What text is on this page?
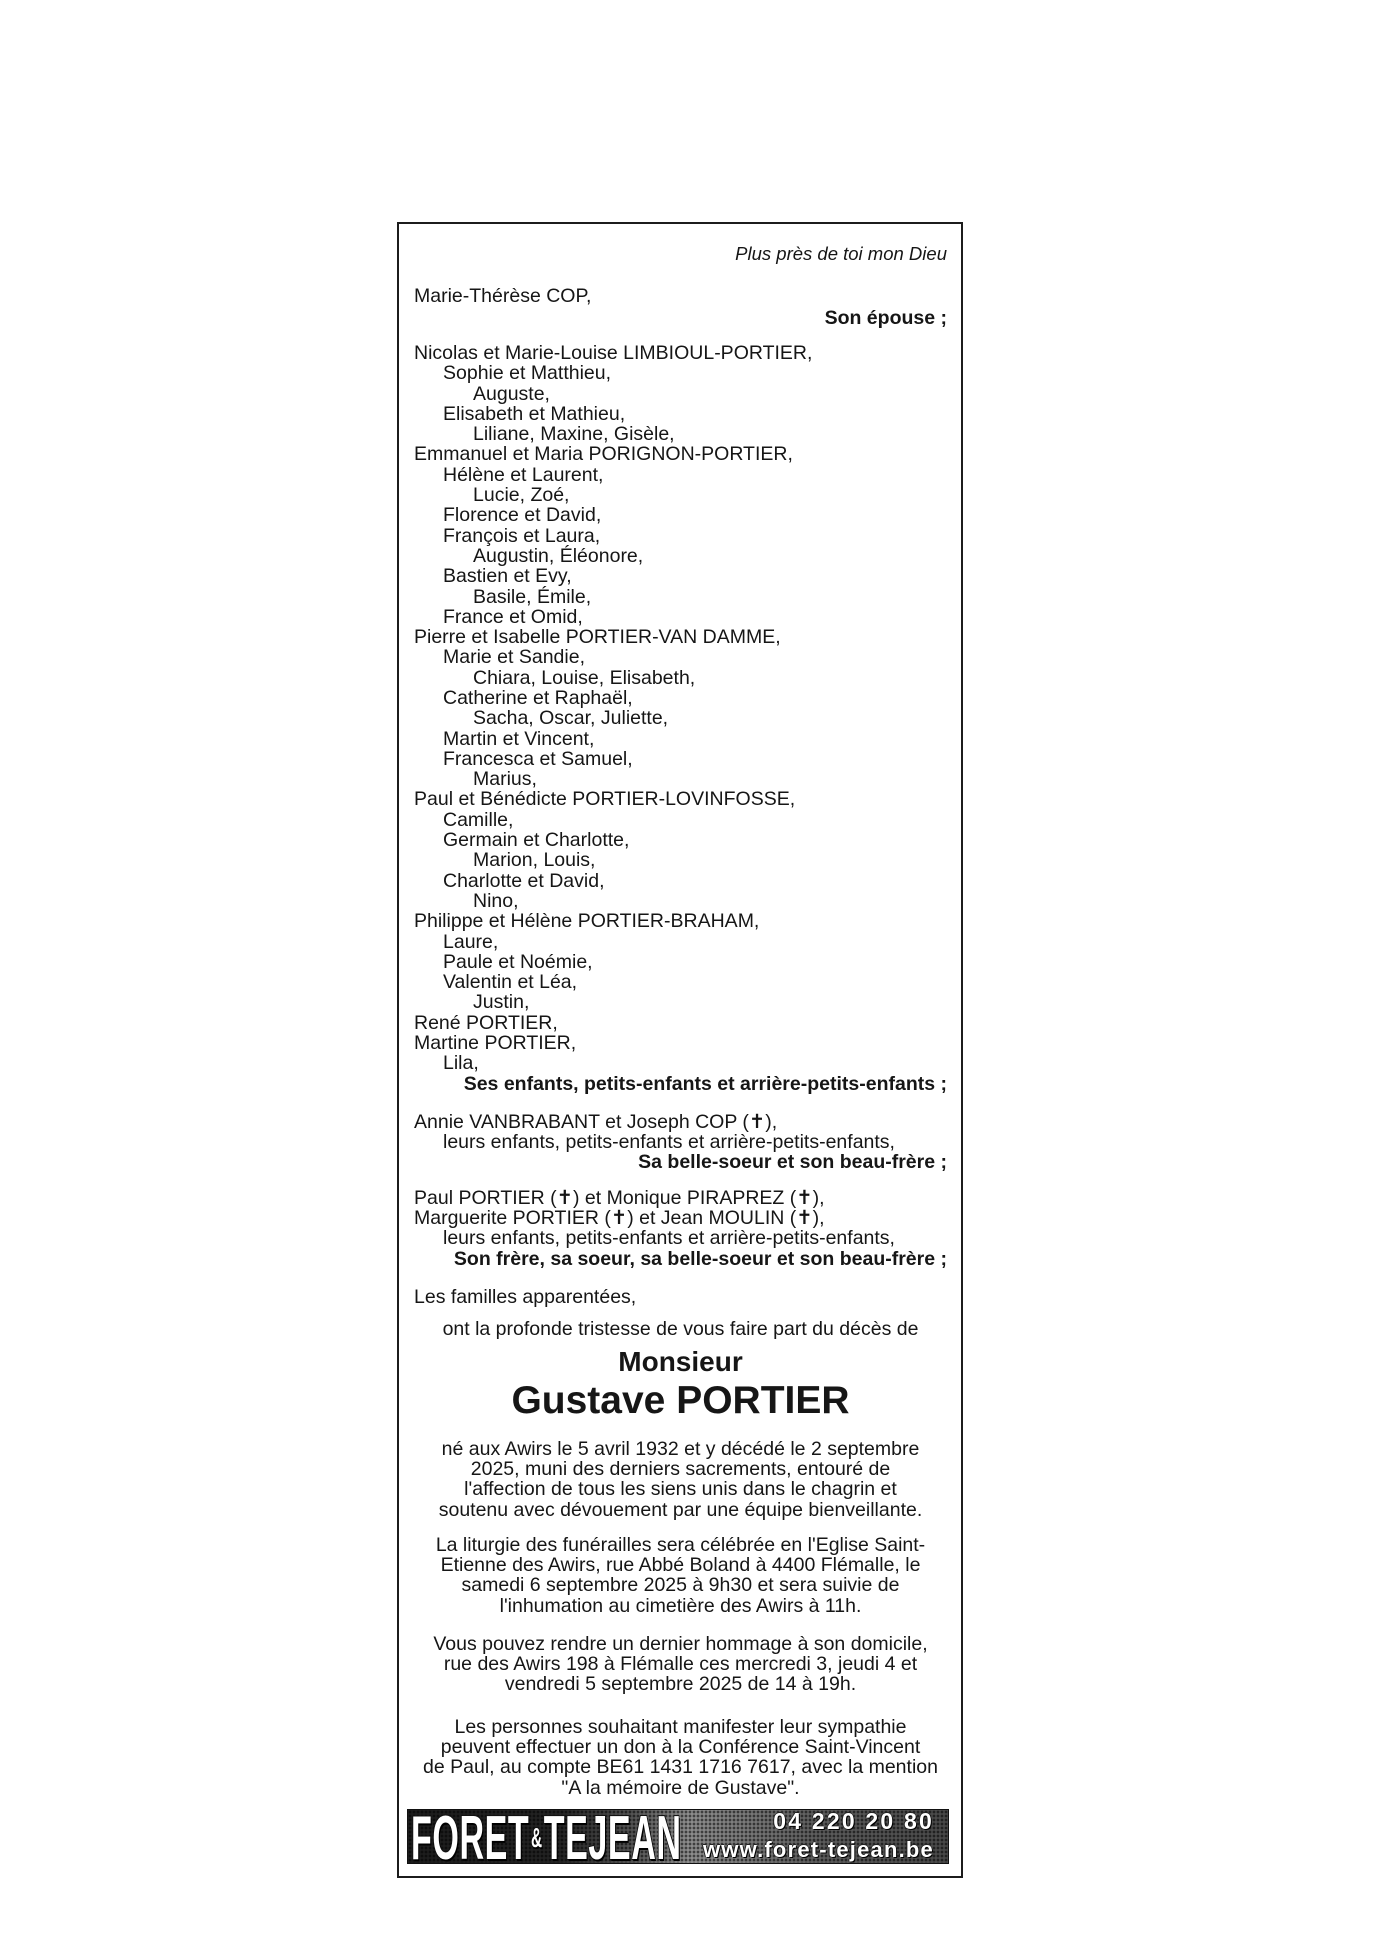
Plus près de toi mon Dieu
Marie-Thérèse COP,
Son épouse ;
Nicolas et Marie-Louise LIMBIOUL-PORTIER,
Sophie et Matthieu,
Auguste,
Elisabeth et Mathieu,
Liliane, Maxine, Gisèle,
Emmanuel et Maria PORIGNON-PORTIER,
Hélène et Laurent,
Lucie, Zoé,
Florence et David,
François et Laura,
Augustin, Éléonore,
Bastien et Evy,
Basile, Émile,
France et Omid,
Pierre et Isabelle PORTIER-VAN DAMME,
Marie et Sandie,
Chiara, Louise, Elisabeth,
Catherine et Raphaël,
Sacha, Oscar, Juliette,
Martin et Vincent,
Francesca et Samuel,
Marius,
Paul et Bénédicte PORTIER-LOVINFOSSE,
Camille,
Germain et Charlotte,
Marion, Louis,
Charlotte et David,
Nino,
Philippe et Hélène PORTIER-BRAHAM,
Laure,
Paule et Noémie,
Valentin et Léa,
Justin,
René PORTIER,
Martine PORTIER,
Lila,
Ses enfants, petits-enfants et arrière-petits-enfants ;
Annie VANBRABANT et Joseph COP (✝),
leurs enfants, petits-enfants et arrière-petits-enfants,
Sa belle-soeur et son beau-frère ;
Paul PORTIER (✝) et Monique PIRAPREZ (✝),
Marguerite PORTIER (✝) et Jean MOULIN (✝),
leurs enfants, petits-enfants et arrière-petits-enfants,
Son frère, sa soeur, sa belle-soeur et son beau-frère ;
Les familles apparentées,
ont la profonde tristesse de vous faire part du décès de
Monsieur
Gustave PORTIER
né aux Awirs le 5 avril 1932 et y décédé le 2 septembre
2025, muni des derniers sacrements, entouré de
l'affection de tous les siens unis dans le chagrin et
soutenu avec dévouement par une équipe bienveillante.
La liturgie des funérailles sera célébrée en l'Eglise Saint-
Etienne des Awirs, rue Abbé Boland à 4400 Flémalle, le
samedi 6 septembre 2025 à 9h30 et sera suivie de
l'inhumation au cimetière des Awirs à 11h.
Vous pouvez rendre un dernier hommage à son domicile,
rue des Awirs 198 à Flémalle ces mercredi 3, jeudi 4 et
vendredi 5 septembre 2025 de 14 à 19h.
Les personnes souhaitant manifester leur sympathie
peuvent effectuer un don à la Conférence Saint-Vincent
de Paul, au compte BE61 1431 1716 7617, avec la mention
"A la mémoire de Gustave".
FORET&TEJEAN	04 220 20 80
www.foret-tejean.be
